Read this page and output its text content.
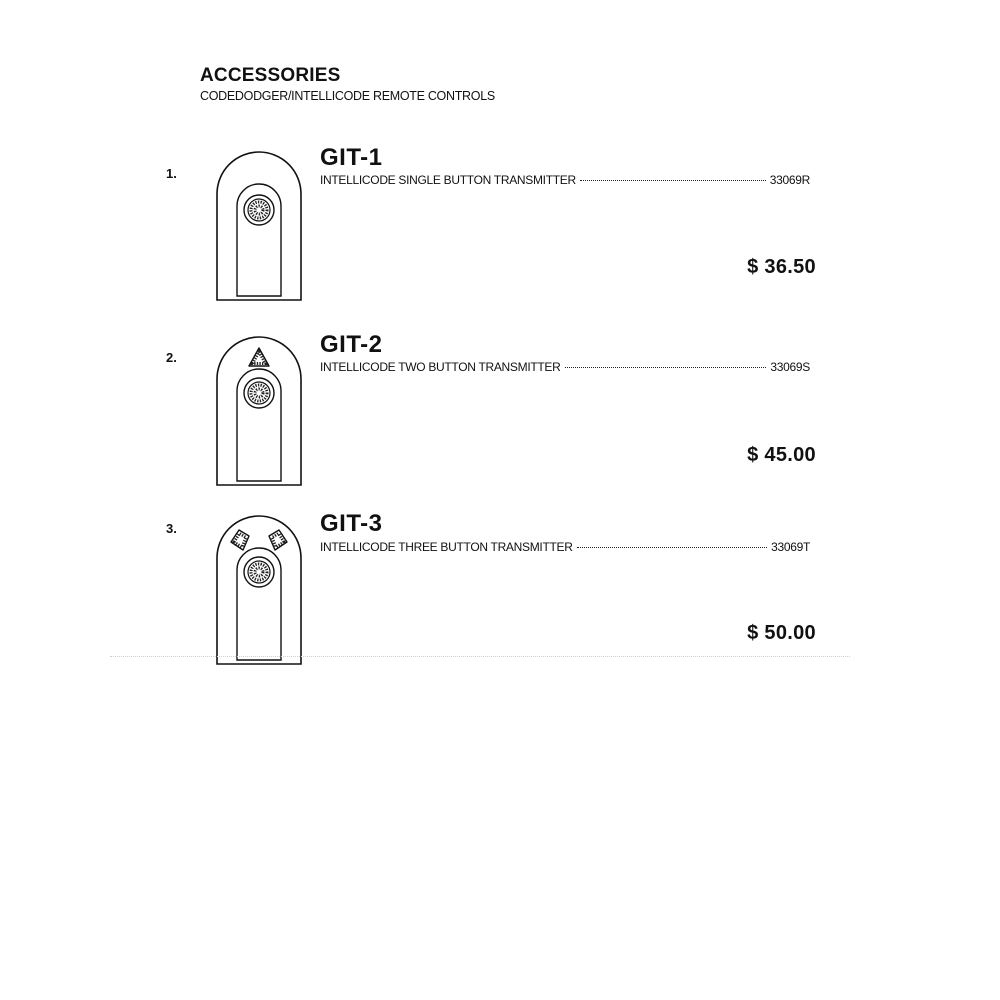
ACCESSORIES
CODEDODGER/INTELLICODE REMOTE CONTROLS
1.
GIT-1
INTELLICODE SINGLE BUTTON TRANSMITTER	33069R
$ 36.50
2.	GIT-2
INTELLICODE TWO BUTTON TRANSMITTER	33069S
$ 45.00
3.	GIT-3
INTELLICODE THREE BUTTON TRANSMITTER	33069T
$ 50.00
